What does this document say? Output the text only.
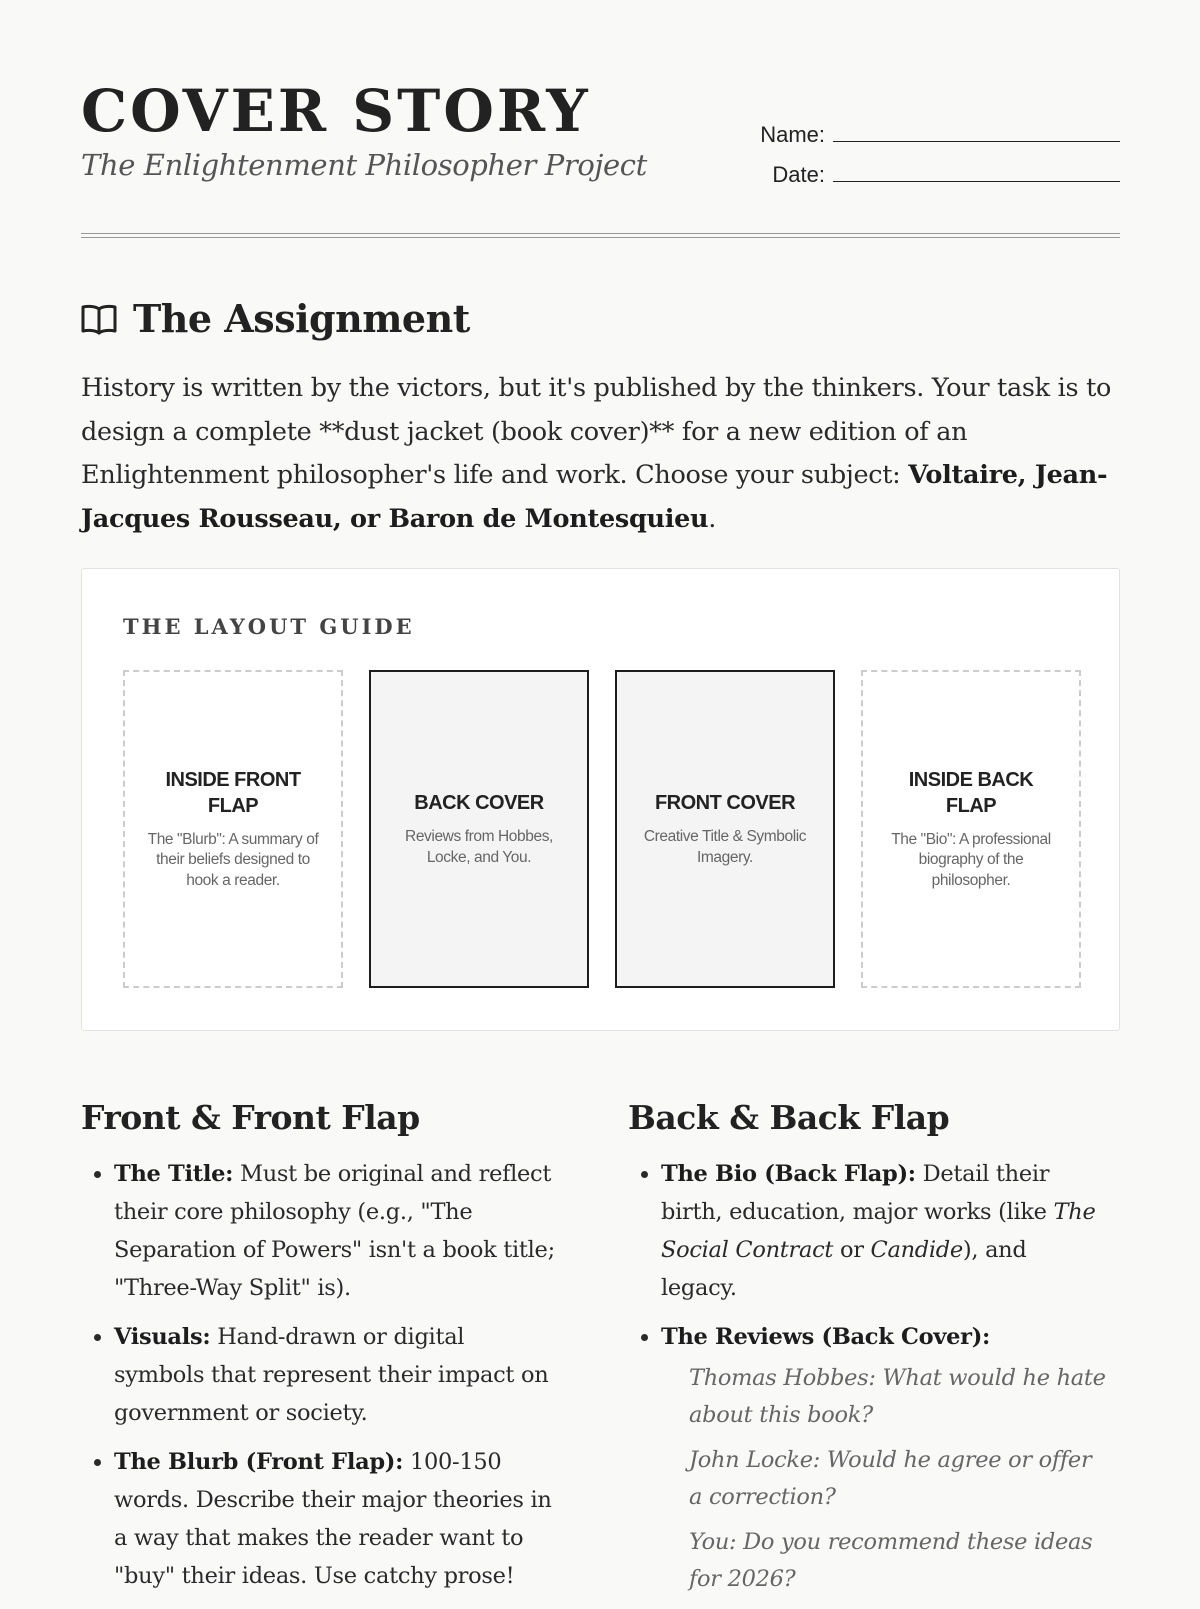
COVER STORY

The Enlightenment Philosopher Project

Name:
Date:
The Assignment

History is written by the victors, but it's published by the thinkers. Your task is to design a complete **dust jacket (book cover)** for a new edition of an Enlightenment philosopher's life and work. Choose your subject: Voltaire, Jean-Jacques Rousseau, or Baron de Montesquieu.

THE LAYOUT GUIDE
INSIDE FRONT FLAP
The "Blurb": A summary of their beliefs designed to hook a reader.
BACK COVER
Reviews from Hobbes, Locke, and You.
FRONT COVER
Creative Title & Symbolic Imagery.
INSIDE BACK FLAP
The "Bio": A professional biography of the philosopher.
Front & Front Flap
• The Title: Must be original and reflect their core philosophy (e.g., "The Separation of Powers" isn't a book title; "Three-Way Split" is).
• Visuals: Hand-drawn or digital symbols that represent their impact on government or society.
• The Blurb (Front Flap): 100-150 words. Describe their major theories in a way that makes the reader want to "buy" their ideas. Use catchy prose!
Back & Back Flap
• The Bio (Back Flap): Detail their birth, education, major works (like The Social Contract or Candide), and legacy.
• The Reviews (Back Cover):
Thomas Hobbes: What would he hate about this book?
John Locke: Would he agree or offer a correction?
You: Do you recommend these ideas for 2026?
